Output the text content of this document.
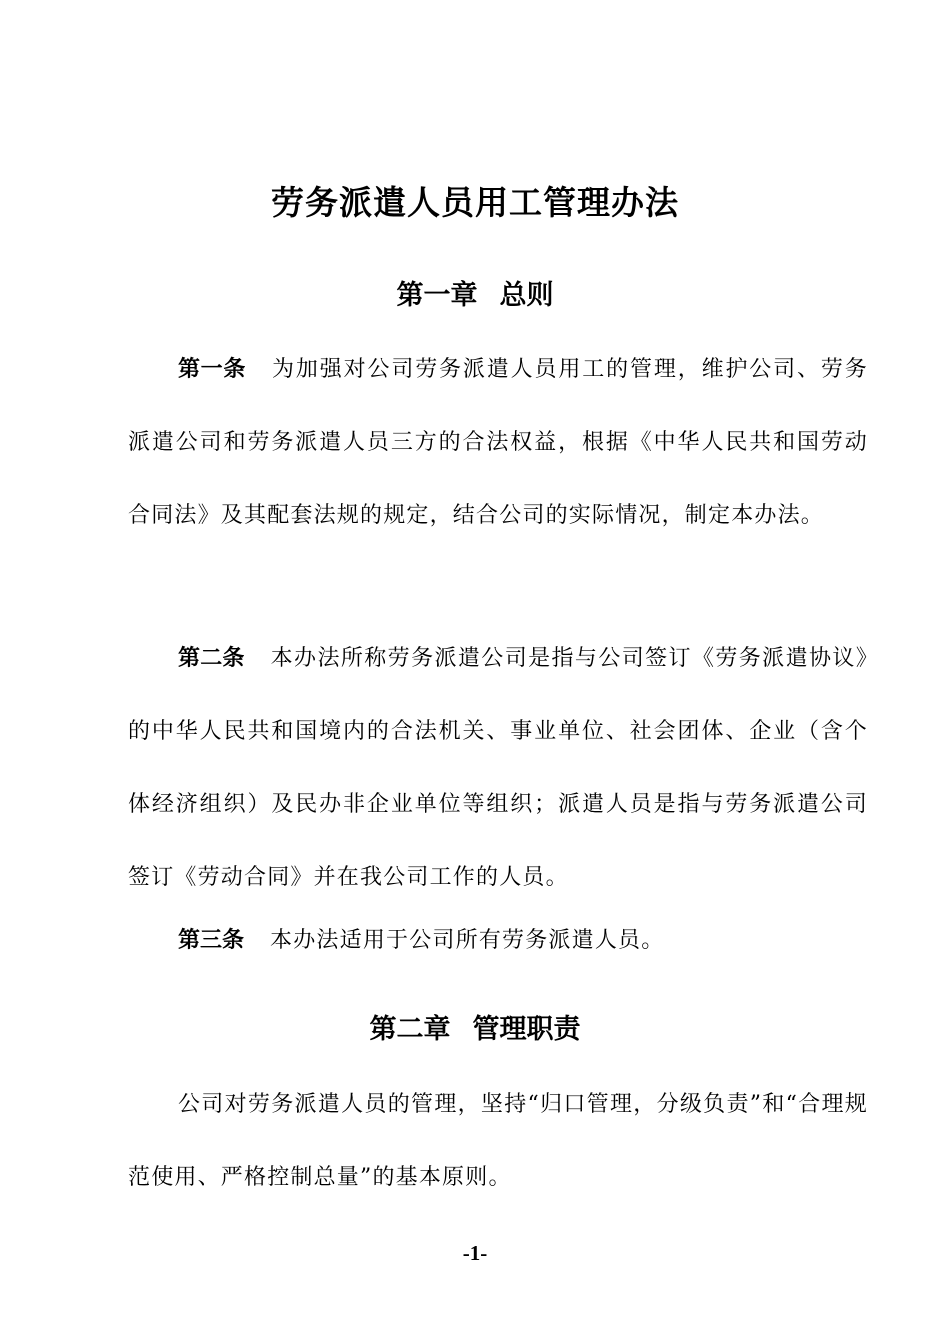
劳务派遣人员用工管理办法
第一章 总则

第一条 为加强对公司劳务派遣人员用工的管理，维护公司、劳务派遣公司和劳务派遣人员三方的合法权益，根据《中华人民共和国劳动合同法》及其配套法规的规定，结合公司的实际情况，制定本办法。

第二条 本办法所称劳务派遣公司是指与公司签订《劳务派遣协议》的中华人民共和国境内的合法机关、事业单位、社会团体、企业（含个体经济组织）及民办非企业单位等组织；派遣人员是指与劳务派遣公司签订《劳动合同》并在我公司工作的人员。

第三条 本办法适用于公司所有劳务派遣人员。

第二章 管理职责

公司对劳务派遣人员的管理，坚持“归口管理，分级负责”和“合理规范使用、严格控制总量”的基本原则。

-1-
